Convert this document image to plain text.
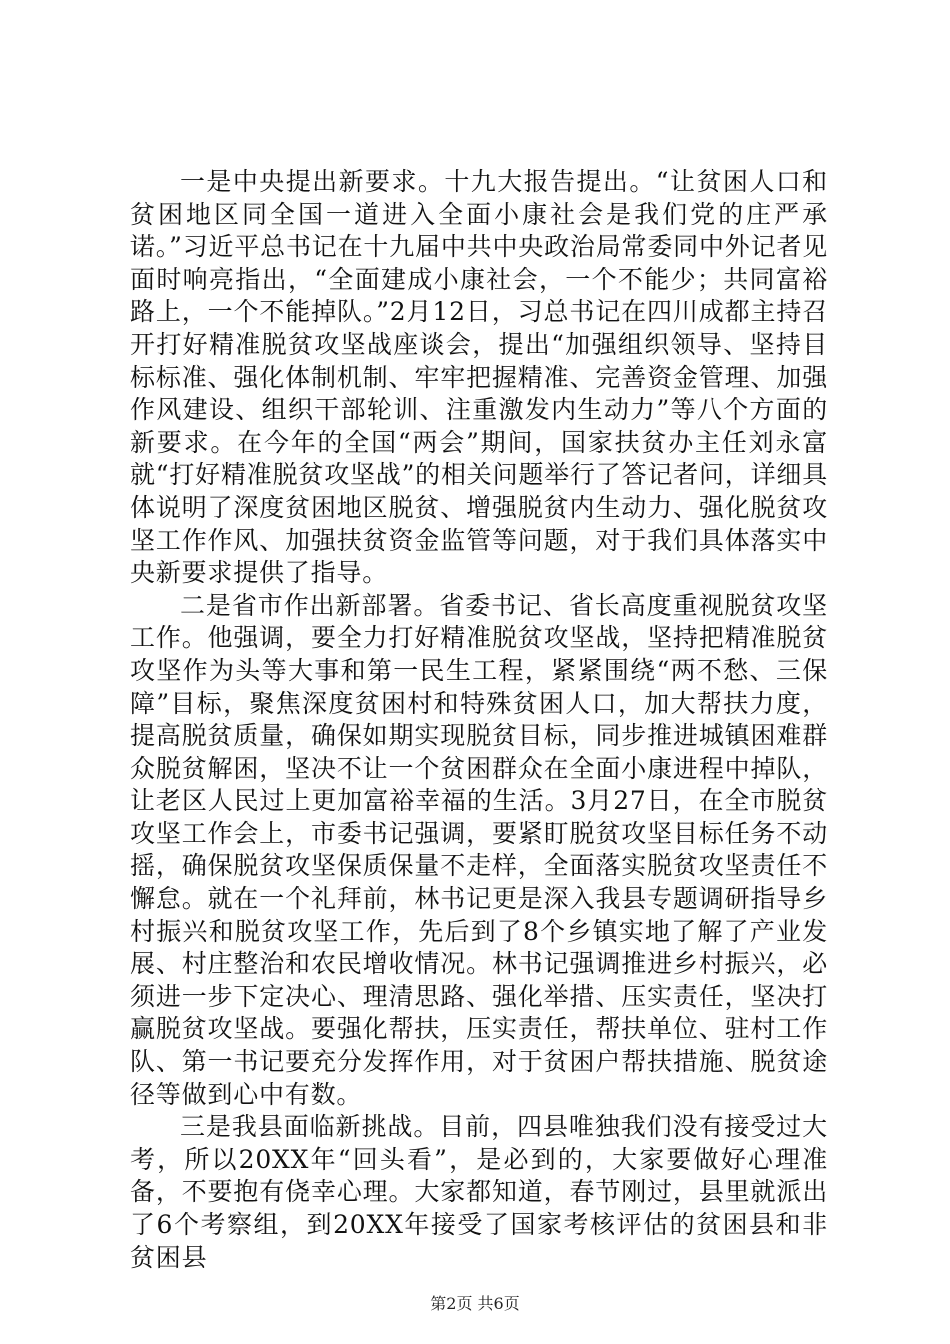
一是中央提出新要求。十九大报告提出。“让贫困人口和贫困地区同全国一道进入全面小康社会是我们党的庄严承诺。”习近平总书记在十九届中共中央政治局常委同中外记者见面时响亮指出，“全面建成小康社会，一个不能少；共同富裕路上，一个不能掉队。”2月12日，习总书记在四川成都主持召开打好精准脱贫攻坚战座谈会，提出“加强组织领导、坚持目标标准、强化体制机制、牢牢把握精准、完善资金管理、加强作风建设、组织干部轮训、注重激发内生动力”等八个方面的新要求。在今年的全国“两会”期间，国家扶贫办主任刘永富就“打好精准脱贫攻坚战”的相关问题举行了答记者问，详细具体说明了深度贫困地区脱贫、增强脱贫内生动力、强化脱贫攻坚工作作风、加强扶贫资金监管等问题，对于我们具体落实中央新要求提供了指导。

二是省市作出新部署。省委书记、省长高度重视脱贫攻坚工作。他强调，要全力打好精准脱贫攻坚战，坚持把精准脱贫攻坚作为头等大事和第一民生工程，紧紧围绕“两不愁、三保障”目标，聚焦深度贫困村和特殊贫困人口，加大帮扶力度，提高脱贫质量，确保如期实现脱贫目标，同步推进城镇困难群众脱贫解困，坚决不让一个贫困群众在全面小康进程中掉队，让老区人民过上更加富裕幸福的生活。3月27日，在全市脱贫攻坚工作会上，市委书记强调，要紧盯脱贫攻坚目标任务不动摇，确保脱贫攻坚保质保量不走样，全面落实脱贫攻坚责任不懈怠。就在一个礼拜前，林书记更是深入我县专题调研指导乡村振兴和脱贫攻坚工作，先后到了8个乡镇实地了解了产业发展、村庄整治和农民增收情况。林书记强调推进乡村振兴，必须进一步下定决心、理清思路、强化举措、压实责任，坚决打赢脱贫攻坚战。要强化帮扶，压实责任，帮扶单位、驻村工作队、第一书记要充分发挥作用，对于贫困户帮扶措施、脱贫途径等做到心中有数。

三是我县面临新挑战。目前，四县唯独我们没有接受过大考，所以20XX年“回头看”，是必到的，大家要做好心理准备，不要抱有侥幸心理。大家都知道，春节刚过，县里就派出了6个考察组，到20XX年接受了国家考核评估的贫困县和非贫困县

第2页 共6页
